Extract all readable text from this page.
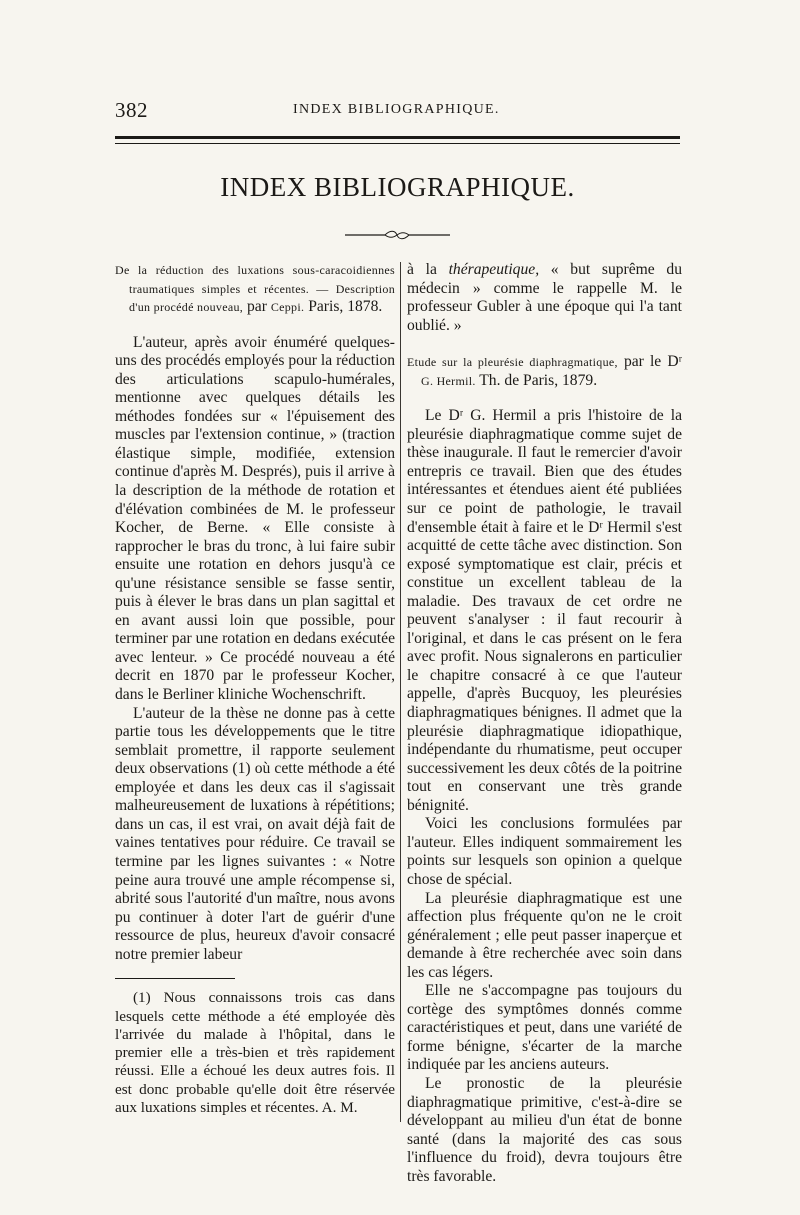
382	INDEX BIBLIOGRAPHIQUE.
INDEX BIBLIOGRAPHIQUE.

De la réduction des luxations sous-caracoidiennes traumatiques simples et récentes. — Description d'un procédé nouveau, par Ceppi. Paris, 1878.

L'auteur, après avoir énuméré quelques-uns des procédés employés pour la réduction des articulations scapulo-humérales, mentionne avec quelques détails les méthodes fondées sur « l'épuisement des muscles par l'extension continue, » (traction élastique simple, modifiée, extension continue d'après M. Després), puis il arrive à la description de la méthode de rotation et d'élévation combinées de M. le professeur Kocher, de Berne. « Elle consiste à rapprocher le bras du tronc, à lui faire subir ensuite une rotation en dehors jusqu'à ce qu'une résistance sensible se fasse sentir, puis à élever le bras dans un plan sagittal et en avant aussi loin que possible, pour terminer par une rotation en dedans exécutée avec lenteur. » Ce procédé nouveau a été decrit en 1870 par le professeur Kocher, dans le Berliner kliniche Wochenschrift.

L'auteur de la thèse ne donne pas à cette partie tous les développements que le titre semblait promettre, il rapporte seulement deux observations (1) où cette méthode a été employée et dans les deux cas il s'agissait malheureusement de luxations à répétitions; dans un cas, il est vrai, on avait déjà fait de vaines tentatives pour réduire. Ce travail se termine par les lignes suivantes : « Notre peine aura trouvé une ample récompense si, abrité sous l'autorité d'un maître, nous avons pu continuer à doter l'art de guérir d'une ressource de plus, heureux d'avoir consacré notre premier labeur

(1) Nous connaissons trois cas dans lesquels cette méthode a été employée dès l'arrivée du malade à l'hôpital, dans le premier elle a très-bien et très rapidement réussi. Elle a échoué les deux autres fois. Il est donc probable qu'elle doit être réservée aux luxations simples et récentes. A. M.

à la thérapeutique, « but suprême du médecin » comme le rappelle M. le professeur Gubler à une époque qui l'a tant oublié. »

Etude sur la pleurésie diaphragmatique, par le Dʳ G. Hermil. Th. de Paris, 1879.

Le Dʳ G. Hermil a pris l'histoire de la pleurésie diaphragmatique comme sujet de thèse inaugurale. Il faut le remercier d'avoir entrepris ce travail. Bien que des études intéressantes et étendues aient été publiées sur ce point de pathologie, le travail d'ensemble était à faire et le Dʳ Hermil s'est acquitté de cette tâche avec distinction. Son exposé symptomatique est clair, précis et constitue un excellent tableau de la maladie. Des travaux de cet ordre ne peuvent s'analyser : il faut recourir à l'original, et dans le cas présent on le fera avec profit. Nous signalerons en particulier le chapitre consacré à ce que l'auteur appelle, d'après Bucquoy, les pleurésies diaphragmatiques bénignes. Il admet que la pleurésie diaphragmatique idiopathique, indépendante du rhumatisme, peut occuper successivement les deux côtés de la poitrine tout en conservant une très grande bénignité.

Voici les conclusions formulées par l'auteur. Elles indiquent sommairement les points sur lesquels son opinion a quelque chose de spécial.

La pleurésie diaphragmatique est une affection plus fréquente qu'on ne le croit généralement ; elle peut passer inaperçue et demande à être recherchée avec soin dans les cas légers.

Elle ne s'accompagne pas toujours du cortège des symptômes donnés comme caractéristiques et peut, dans une variété de forme bénigne, s'écarter de la marche indiquée par les anciens auteurs.

Le pronostic de la pleurésie diaphragmatique primitive, c'est-à-dire se développant au milieu d'un état de bonne santé (dans la majorité des cas sous l'influence du froid), devra toujours être très favorable.
